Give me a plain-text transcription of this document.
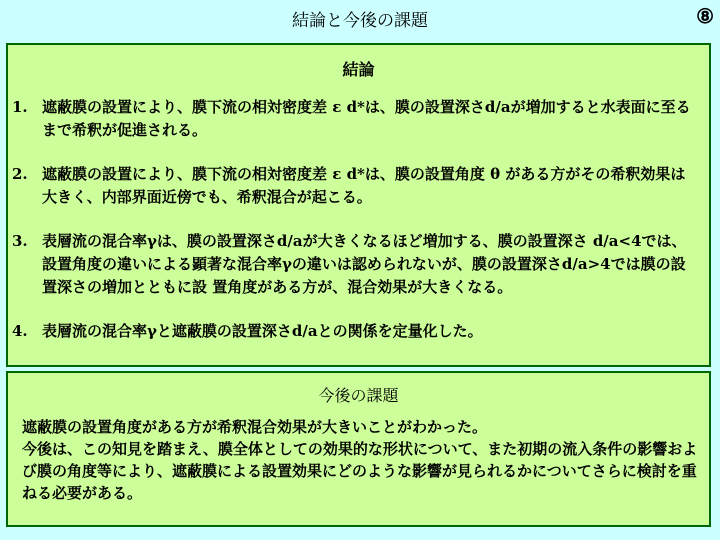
結論と今後の課題	⑧
結論
1. 遮蔽膜の設置により、膜下流の相対密度差 ε d*は、膜の設置深さd/aが増加すると水表面に至るまで希釈が促進される。
2. 遮蔽膜の設置により、膜下流の相対密度差 ε d*は、膜の設置角度 θ がある方がその希釈効果は大きく、内部界面近傍でも、希釈混合が起こる。
3. 表層流の混合率γは、膜の設置深さd/aが大きくなるほど増加する、膜の設置深さ d/a<4では、設置角度の違いによる顕著な混合率γの違いは認められないが、膜の設置深さd/a>4では膜の設置深さの増加とともに設 置角度がある方が、混合効果が大きくなる。
4. 表層流の混合率γと遮蔽膜の設置深さd/aとの関係を定量化した。
今後の課題
遮蔽膜の設置角度がある方が希釈混合効果が大きいことがわかった。
今後は、この知見を踏まえ、膜全体としての効果的な形状について、また初期の流入条件の影響および膜の角度等により、遮蔽膜による設置効果にどのような影響が見られるかについてさらに検討を重ねる必要がある。
